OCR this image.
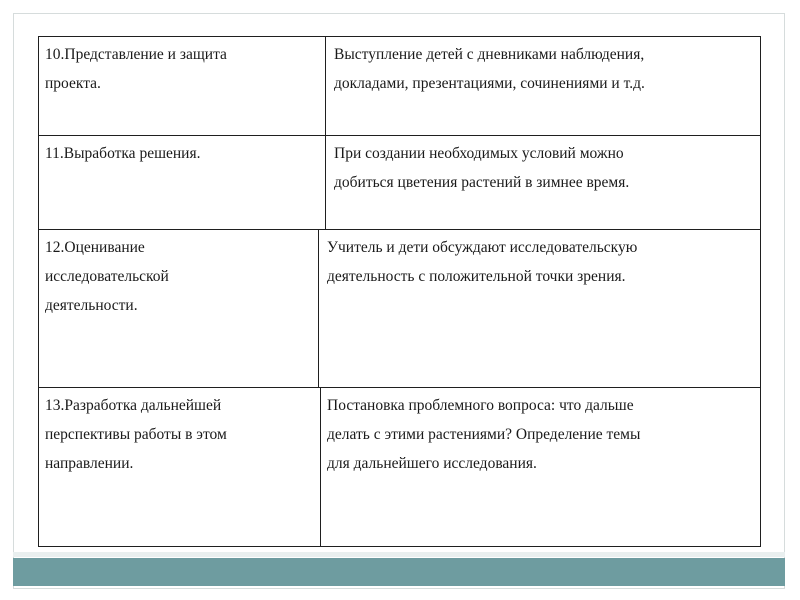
10.Представление и защита
проекта.
Выступление детей с дневниками наблюдения,
докладами, презентациями, сочинениями и т.д.
11.Выработка решения.	При создании необходимых условий можно
добиться цветения растений в зимнее время.
12.Оценивание
исследовательской
деятельности.
Учитель и дети обсуждают исследовательскую
деятельность с положительной точки зрения.
13.Разработка дальнейшей
перспективы работы в этом
направлении.
Постановка проблемного вопроса: что дальше
делать с этими растениями? Определение темы
для дальнейшего исследования.
